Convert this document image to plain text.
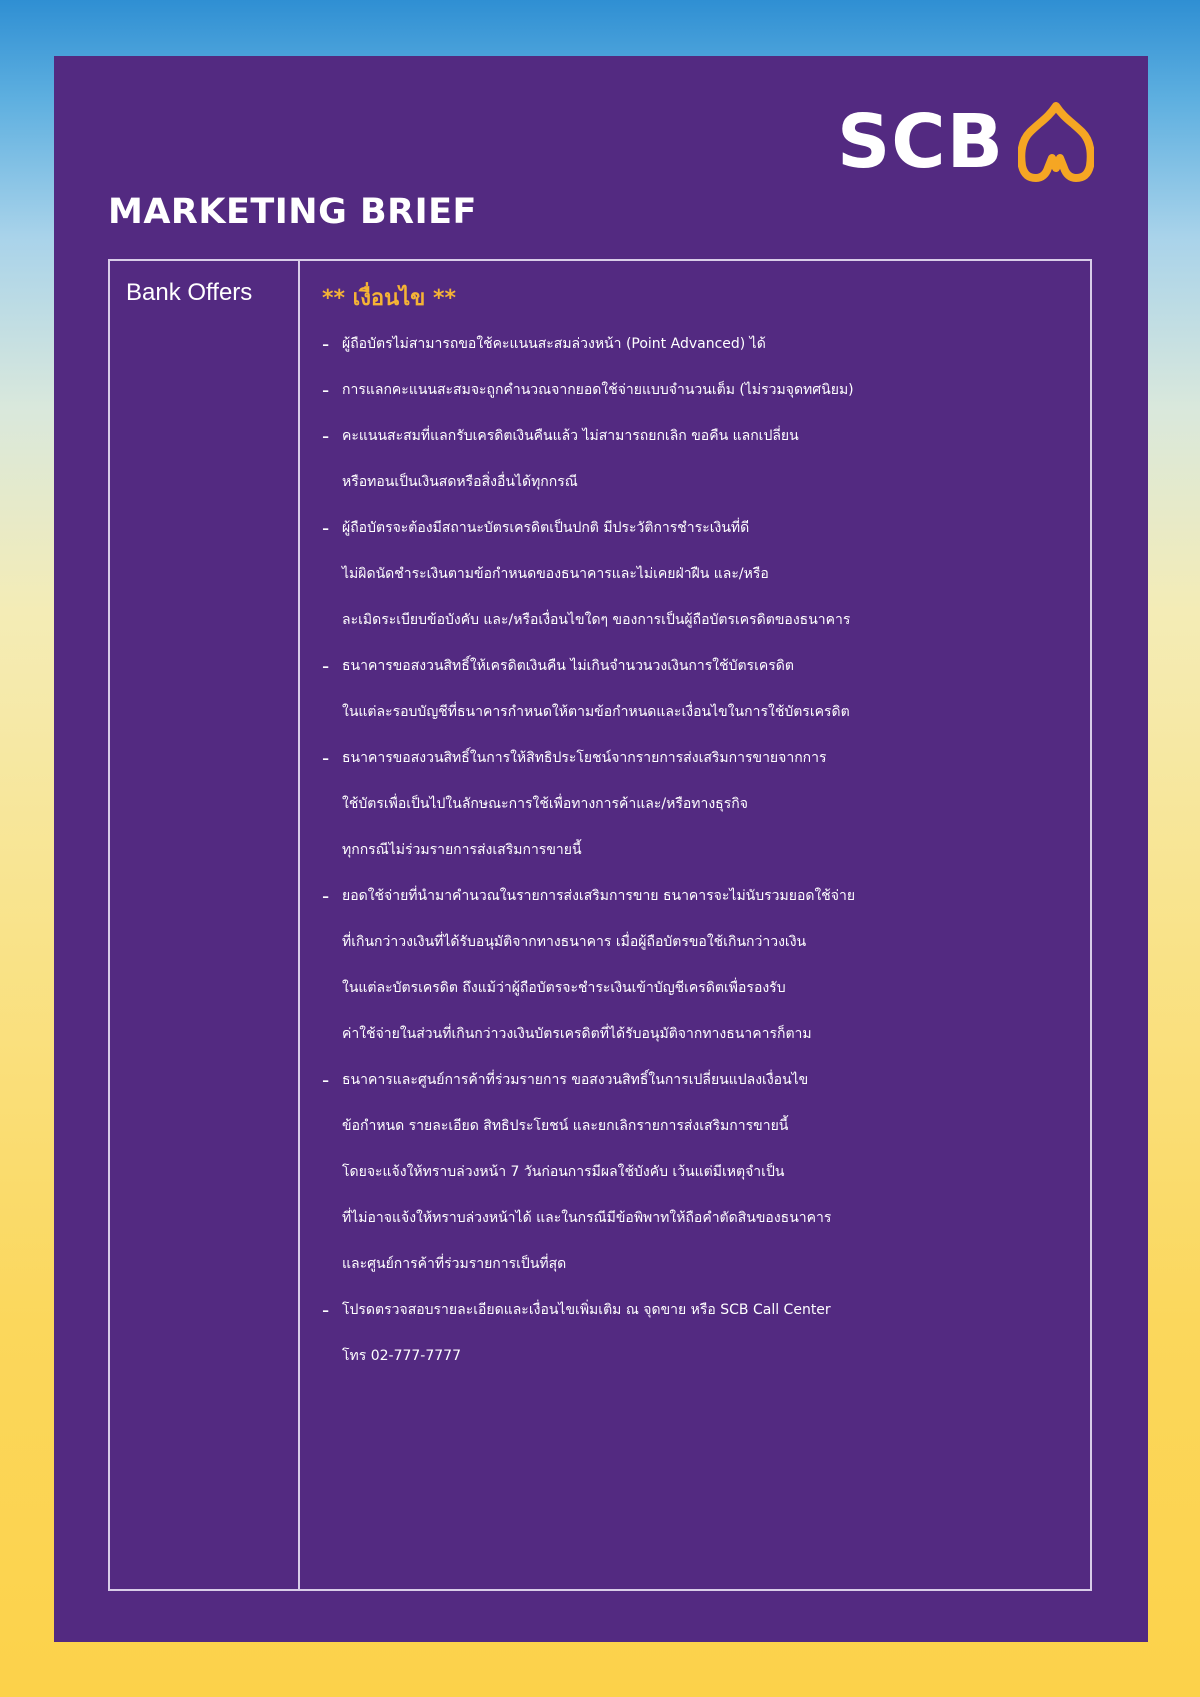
SCB
MARKETING BRIEF
Bank Offers	** เงื่อนไข **
- ผู้ถือบัตรไม่สามารถขอใช้คะแนนสะสมล่วงหน้า (Point Advanced) ได้
- การแลกคะแนนสะสมจะถูกคำนวณจากยอดใช้จ่ายแบบจำนวนเต็ม (ไม่รวมจุดทศนิยม)
- คะแนนสะสมที่แลกรับเครดิตเงินคืนแล้ว ไม่สามารถยกเลิก ขอคืน แลกเปลี่ยน
หรือทอนเป็นเงินสดหรือสิ่งอื่นได้ทุกกรณี
- ผู้ถือบัตรจะต้องมีสถานะบัตรเครดิตเป็นปกติ มีประวัติการชำระเงินที่ดี
ไม่ผิดนัดชำระเงินตามข้อกำหนดของธนาคารและไม่เคยฝ่าฝืน และ/หรือ
ละเมิดระเบียบข้อบังคับ และ/หรือเงื่อนไขใดๆ ของการเป็นผู้ถือบัตรเครดิตของธนาคาร
- ธนาคารขอสงวนสิทธิ์ให้เครดิตเงินคืน ไม่เกินจำนวนวงเงินการใช้บัตรเครดิต
ในแต่ละรอบบัญชีที่ธนาคารกำหนดให้ตามข้อกำหนดและเงื่อนไขในการใช้บัตรเครดิต
- ธนาคารขอสงวนสิทธิ์ในการให้สิทธิประโยชน์จากรายการส่งเสริมการขายจากการ
ใช้บัตรเพื่อเป็นไปในลักษณะการใช้เพื่อทางการค้าและ/หรือทางธุรกิจ
ทุกกรณีไม่ร่วมรายการส่งเสริมการขายนี้
- ยอดใช้จ่ายที่นำมาคำนวณในรายการส่งเสริมการขาย ธนาคารจะไม่นับรวมยอดใช้จ่าย
ที่เกินกว่าวงเงินที่ได้รับอนุมัติจากทางธนาคาร เมื่อผู้ถือบัตรขอใช้เกินกว่าวงเงิน
ในแต่ละบัตรเครดิต ถึงแม้ว่าผู้ถือบัตรจะชำระเงินเข้าบัญชีเครดิตเพื่อรองรับ
ค่าใช้จ่ายในส่วนที่เกินกว่าวงเงินบัตรเครดิตที่ได้รับอนุมัติจากทางธนาคารก็ตาม
- ธนาคารและศูนย์การค้าที่ร่วมรายการ ขอสงวนสิทธิ์ในการเปลี่ยนแปลงเงื่อนไข
ข้อกำหนด รายละเอียด สิทธิประโยชน์ และยกเลิกรายการส่งเสริมการขายนี้
โดยจะแจ้งให้ทราบล่วงหน้า 7 วันก่อนการมีผลใช้บังคับ เว้นแต่มีเหตุจำเป็น
ที่ไม่อาจแจ้งให้ทราบล่วงหน้าได้ และในกรณีมีข้อพิพาทให้ถือคำตัดสินของธนาคาร
และศูนย์การค้าที่ร่วมรายการเป็นที่สุด
- โปรดตรวจสอบรายละเอียดและเงื่อนไขเพิ่มเติม ณ จุดขาย หรือ SCB Call Center
โทร 02-777-7777
